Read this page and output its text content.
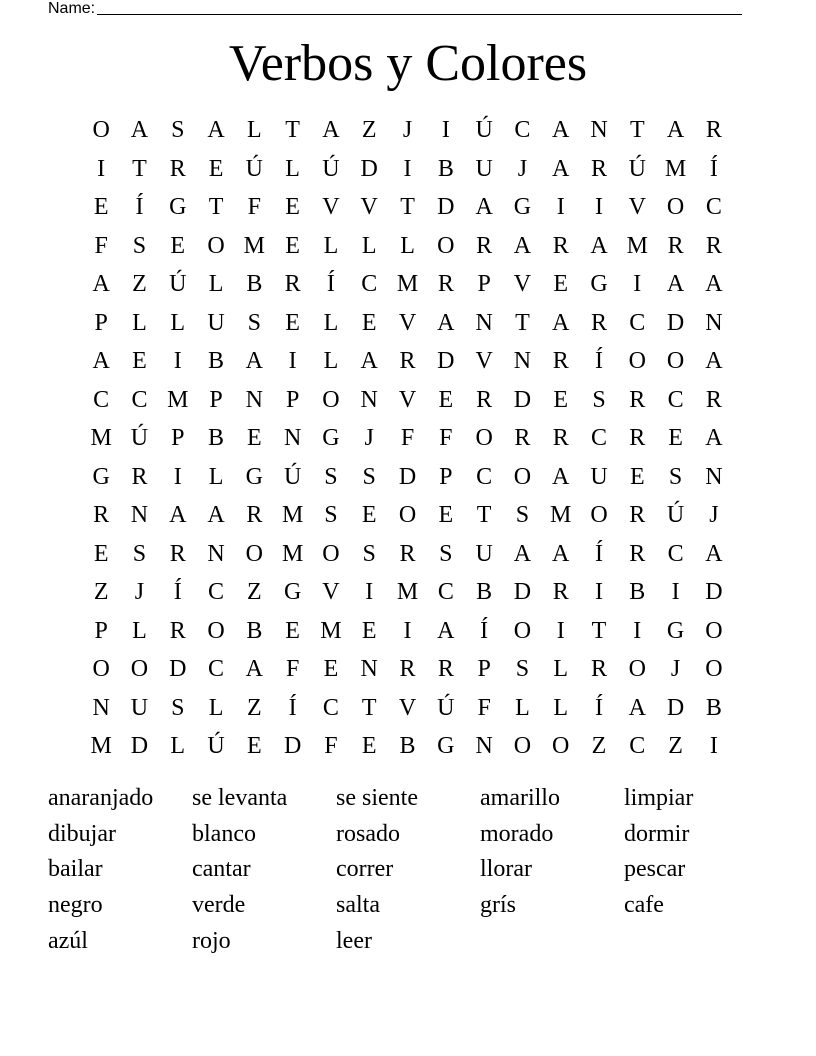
Name:
Verbos y Colores
O A S A L T A Z	J	I	Ú C A N T A R
I	T R E Ú L Ú D	I	B U	J	A R Ú M Í
E	Í	G T	F	E V V T D A G	I	I	V O C
F	S	E O M E L L L O R A R A M R R
A Z Ú L B R	Í	C M R P V E G	I	A A
P	L L U S	E L E V A N T A R C D N
A E	I	B A	I	L A R D V N R	Í	O O A
C C M P N P O N V E R D E	S R C R
M Ú P B E N G	J	F	F O R R C R E A
G R	I	L G Ú S	S D P C O A U E	S N
R N A A R M S	E O E T	S M O R Ú	J
E	S R N O M O S R S U A A	Í	R C A
Z	J	Í	C Z G V	I M C B D R	I	B	I	D
P	L R O B E M E	I	A	Í	O	I	T	I	G O
O O D C A F	E N R R P	S	L R O	J	O
N U S	L Z	Í	C T V Ú F	L L	Í	A D B
M D L Ú E D F	E B G N O O Z C Z	I
anaranjado	se levanta	se siente	amarillo	limpiar
dibujar	blanco	rosado	morado	dormir
bailar	cantar	correr	llorar	pescar
negro	verde	salta	grís	cafe
azúl	rojo	leer
